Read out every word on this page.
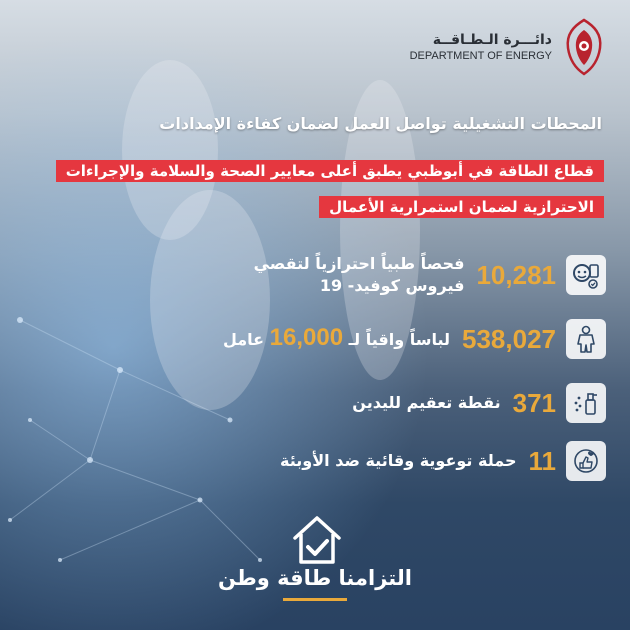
دائـــرة الـطـاقــة
DEPARTMENT OF ENERGY
المحطات التشغيلية تواصل العمل لضمان كفاءة الإمدادات
قطاع الطاقة في أبوظبي يطبق أعلى معايير الصحة والسلامة والإجراءات
الاحترازية لضمان استمرارية الأعمال
10,281
فحصاً طبياً احترازياً لتقصي
فيروس كوفيد- 19
538,027
لباساً واقياً لـ 16,000 عامل
371
نقطة تعقيم لليدين
11
حملة توعوية وقائية ضد الأوبئة
التزامنا طاقة وطن
